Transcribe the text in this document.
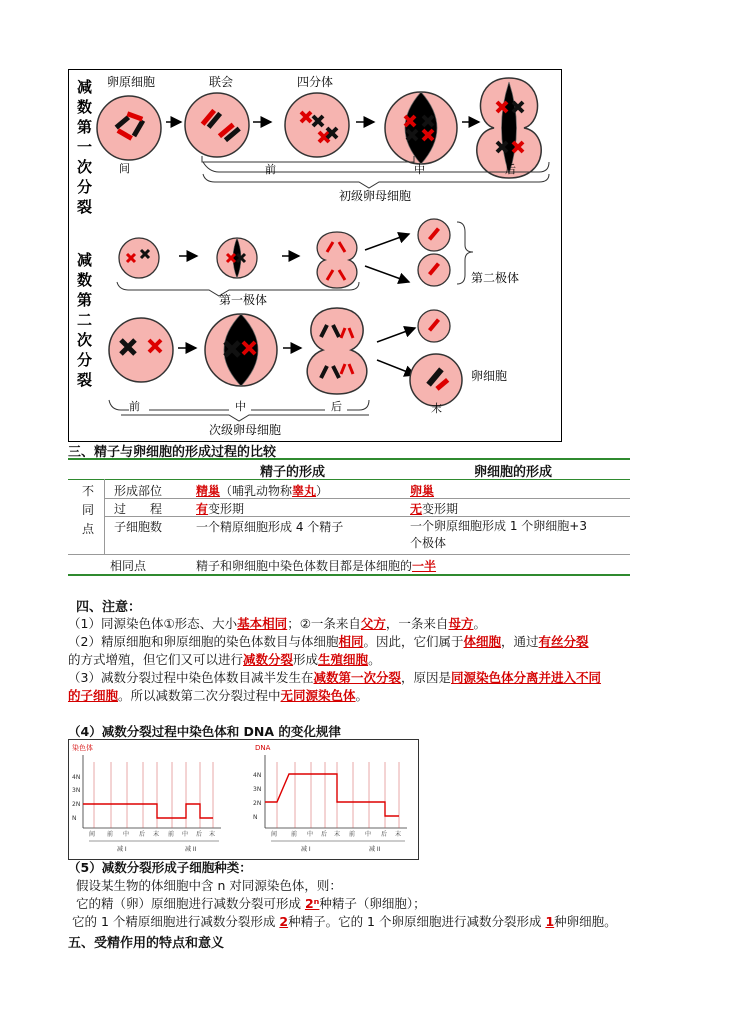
减
数
第
一
次
分
裂
减
数
第
二
次
分
裂
卵原细胞	联会	四分体
间	前	中	后
初级卵母细胞
第二极体
第一极体
卵细胞
前	中	后	末
次级卵母细胞
三、精子与卵细胞的形成过程的比较
精子的形成	卵细胞的形成
不
同
点
形成部位	精巢（哺乳动物称睾丸）	卵巢
过　　程	有变形期	无变形期
子细胞数	一个精原细胞形成 4 个精子	一个卵原细胞形成 1 个卵细胞+3
个极体
相同点	精子和卵细胞中染色体数目都是体细胞的一半
四、注意：
（1）同源染色体①形态、大小基本相同；②一条来自父方，一条来自母方。
（2）精原细胞和卵原细胞的染色体数目与体细胞相同。因此，它们属于体细胞，通过有丝分裂
的方式增殖，但它们又可以进行减数分裂形成生殖细胞。
（3）减数分裂过程中染色体数目减半发生在减数第一次分裂，原因是同源染色体分离并进入不同
的子细胞。所以减数第二次分裂过程中无同源染色体。
（4）减数分裂过程中染色体和 DNA 的变化规律
染色体
4N
3N
2N
N
间 前 中 后 末 前 中 后 末
减 I	减 II
DNA
4N
3N
2N
N
间 前 中 后 末 前 中 后 末
减 I	减 II
（5）减数分裂形成子细胞种类：
假设某生物的体细胞中含 n 对同源染色体，则：
它的精（卵）原细胞进行减数分裂可形成 2ⁿ种精子（卵细胞）；
它的 1 个精原细胞进行减数分裂形成 2种精子。它的 1 个卵原细胞进行减数分裂形成 1种卵细胞。
五、受精作用的特点和意义
